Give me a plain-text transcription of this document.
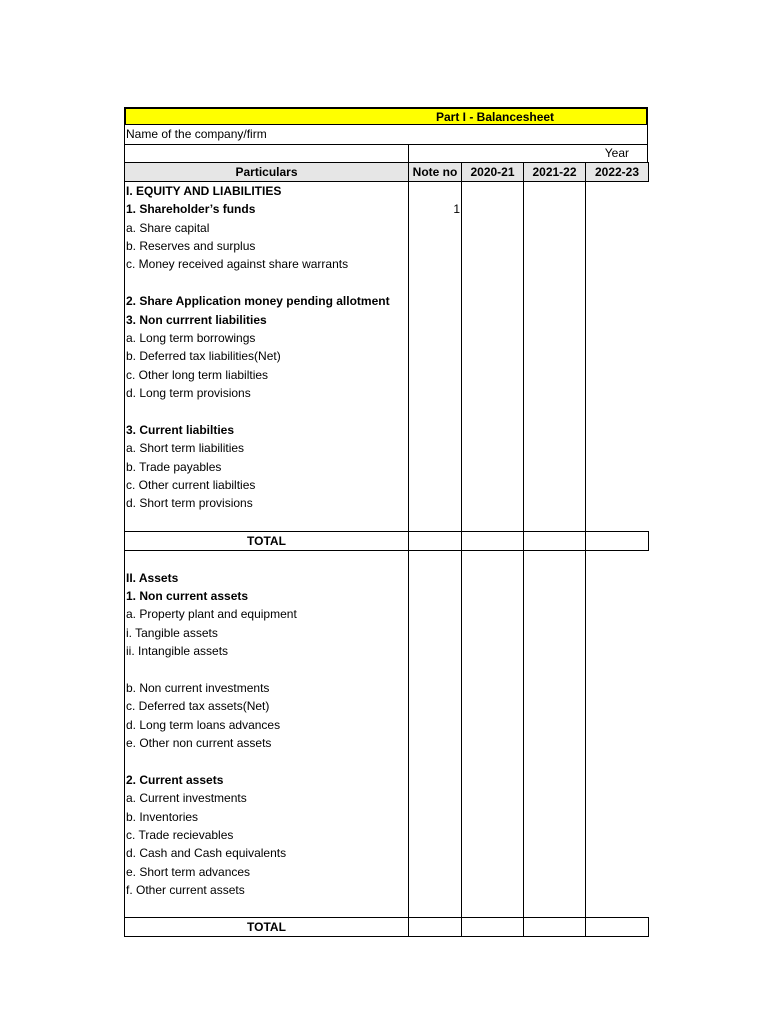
Part I - Balancesheet
Name of the company/firm
Year
Particulars	Note no	2020-21	2021-22	2022-23
I. EQUITY AND LIABILITIES				
1. Shareholder’s funds	1			
a. Share capital				
b. Reserves and surplus				
c. Money received against share warrants				

2. Share Application money pending allotment				
3. Non currrent liabilities				
a. Long term borrowings				
b. Deferred tax liabilities(Net)				
c. Other long term liabilties				
d. Long term provisions				

3. Current liabilties				
a. Short term liabilities				
b. Trade payables				
c. Other current liabilties				
d. Short term provisions				

TOTAL				

II. Assets				
1. Non current assets				
a. Property plant and equipment				
i. Tangible assets				
ii. Intangible assets				

b. Non current investments				
c. Deferred tax assets(Net)				
d. Long term loans advances				
e. Other non current assets				

2. Current assets				
a. Current investments				
b. Inventories				
c. Trade recievables				
d. Cash and Cash equivalents				
e. Short term advances				
f. Other current assets				

TOTAL				
